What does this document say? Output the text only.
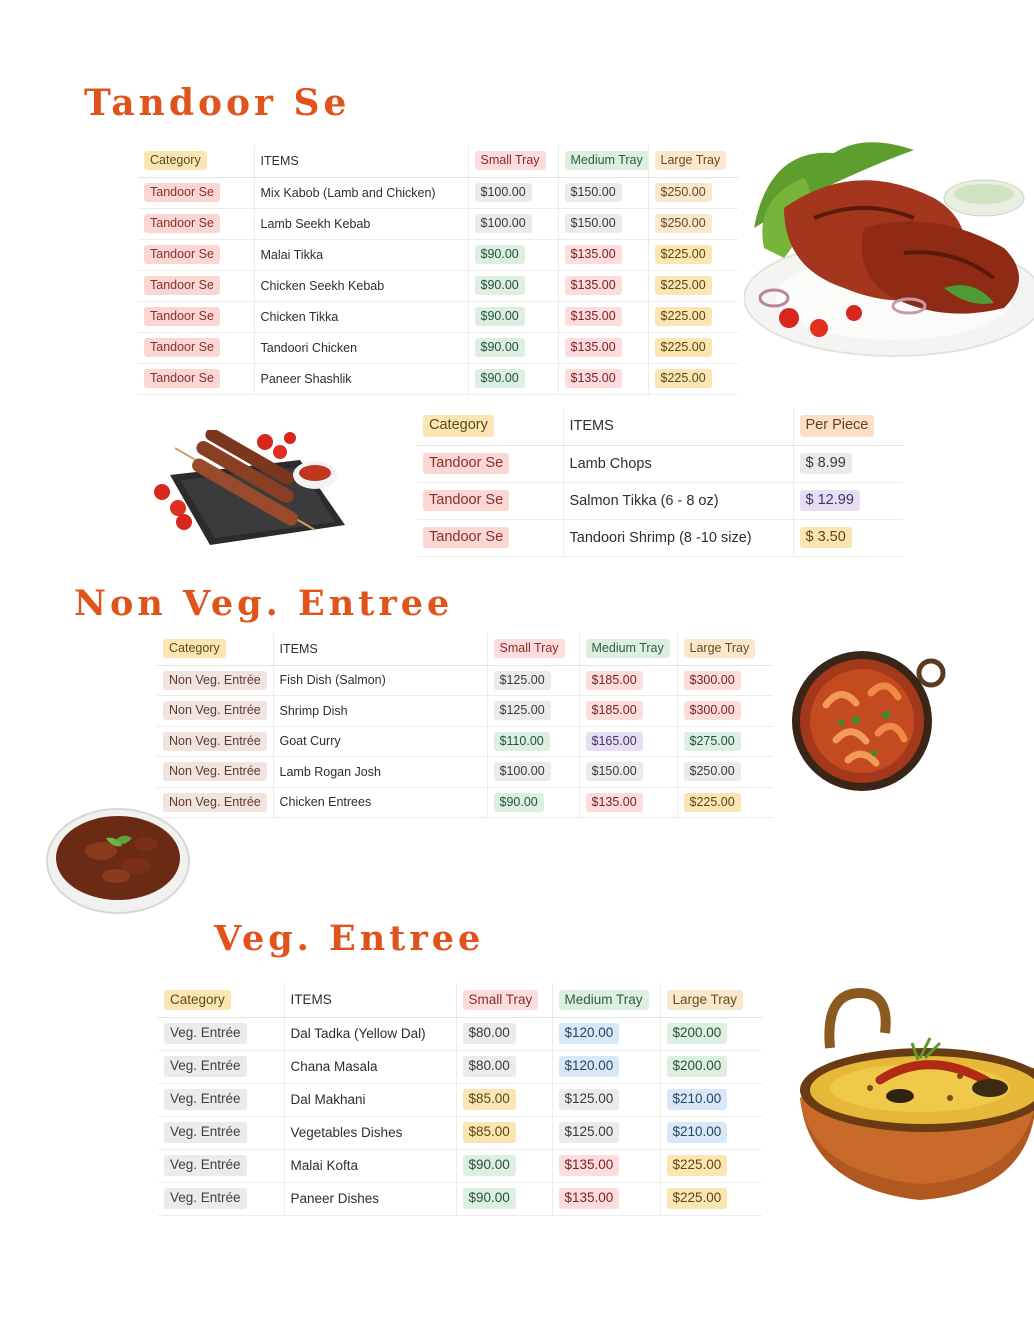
Tandoor Se
Category	ITEMS	Small Tray	Medium Tray	Large Tray
Tandoor Se	Mix Kabob (Lamb and Chicken)	$100.00	$150.00	$250.00
Tandoor Se	Lamb Seekh Kebab	$100.00	$150.00	$250.00
Tandoor Se	Malai Tikka	$90.00	$135.00	$225.00
Tandoor Se	Chicken Seekh Kebab	$90.00	$135.00	$225.00
Tandoor Se	Chicken Tikka	$90.00	$135.00	$225.00
Tandoor Se	Tandoori Chicken	$90.00	$135.00	$225.00
Tandoor Se	Paneer Shashlik	$90.00	$135.00	$225.00
Category	ITEMS	Per Piece
Tandoor Se	Lamb Chops	$ 8.99
Tandoor Se	Salmon Tikka (6 - 8 oz)	$ 12.99
Tandoor Se	Tandoori Shrimp (8 -10 size)	$ 3.50
Non Veg. Entree
Category	ITEMS	Small Tray	Medium Tray	Large Tray
Non Veg. Entrée	Fish Dish (Salmon)	$125.00	$185.00	$300.00
Non Veg. Entrée	Shrimp Dish	$125.00	$185.00	$300.00
Non Veg. Entrée	Goat Curry	$110.00	$165.00	$275.00
Non Veg. Entrée	Lamb Rogan Josh	$100.00	$150.00	$250.00
Non Veg. Entrée	Chicken Entrees	$90.00	$135.00	$225.00
Veg. Entree
Category	ITEMS	Small Tray	Medium Tray	Large Tray
Veg. Entrée	Dal Tadka (Yellow Dal)	$80.00	$120.00	$200.00
Veg. Entrée	Chana Masala	$80.00	$120.00	$200.00
Veg. Entrée	Dal Makhani	$85.00	$125.00	$210.00
Veg. Entrée	Vegetables Dishes	$85.00	$125.00	$210.00
Veg. Entrée	Malai Kofta	$90.00	$135.00	$225.00
Veg. Entrée	Paneer Dishes	$90.00	$135.00	$225.00
